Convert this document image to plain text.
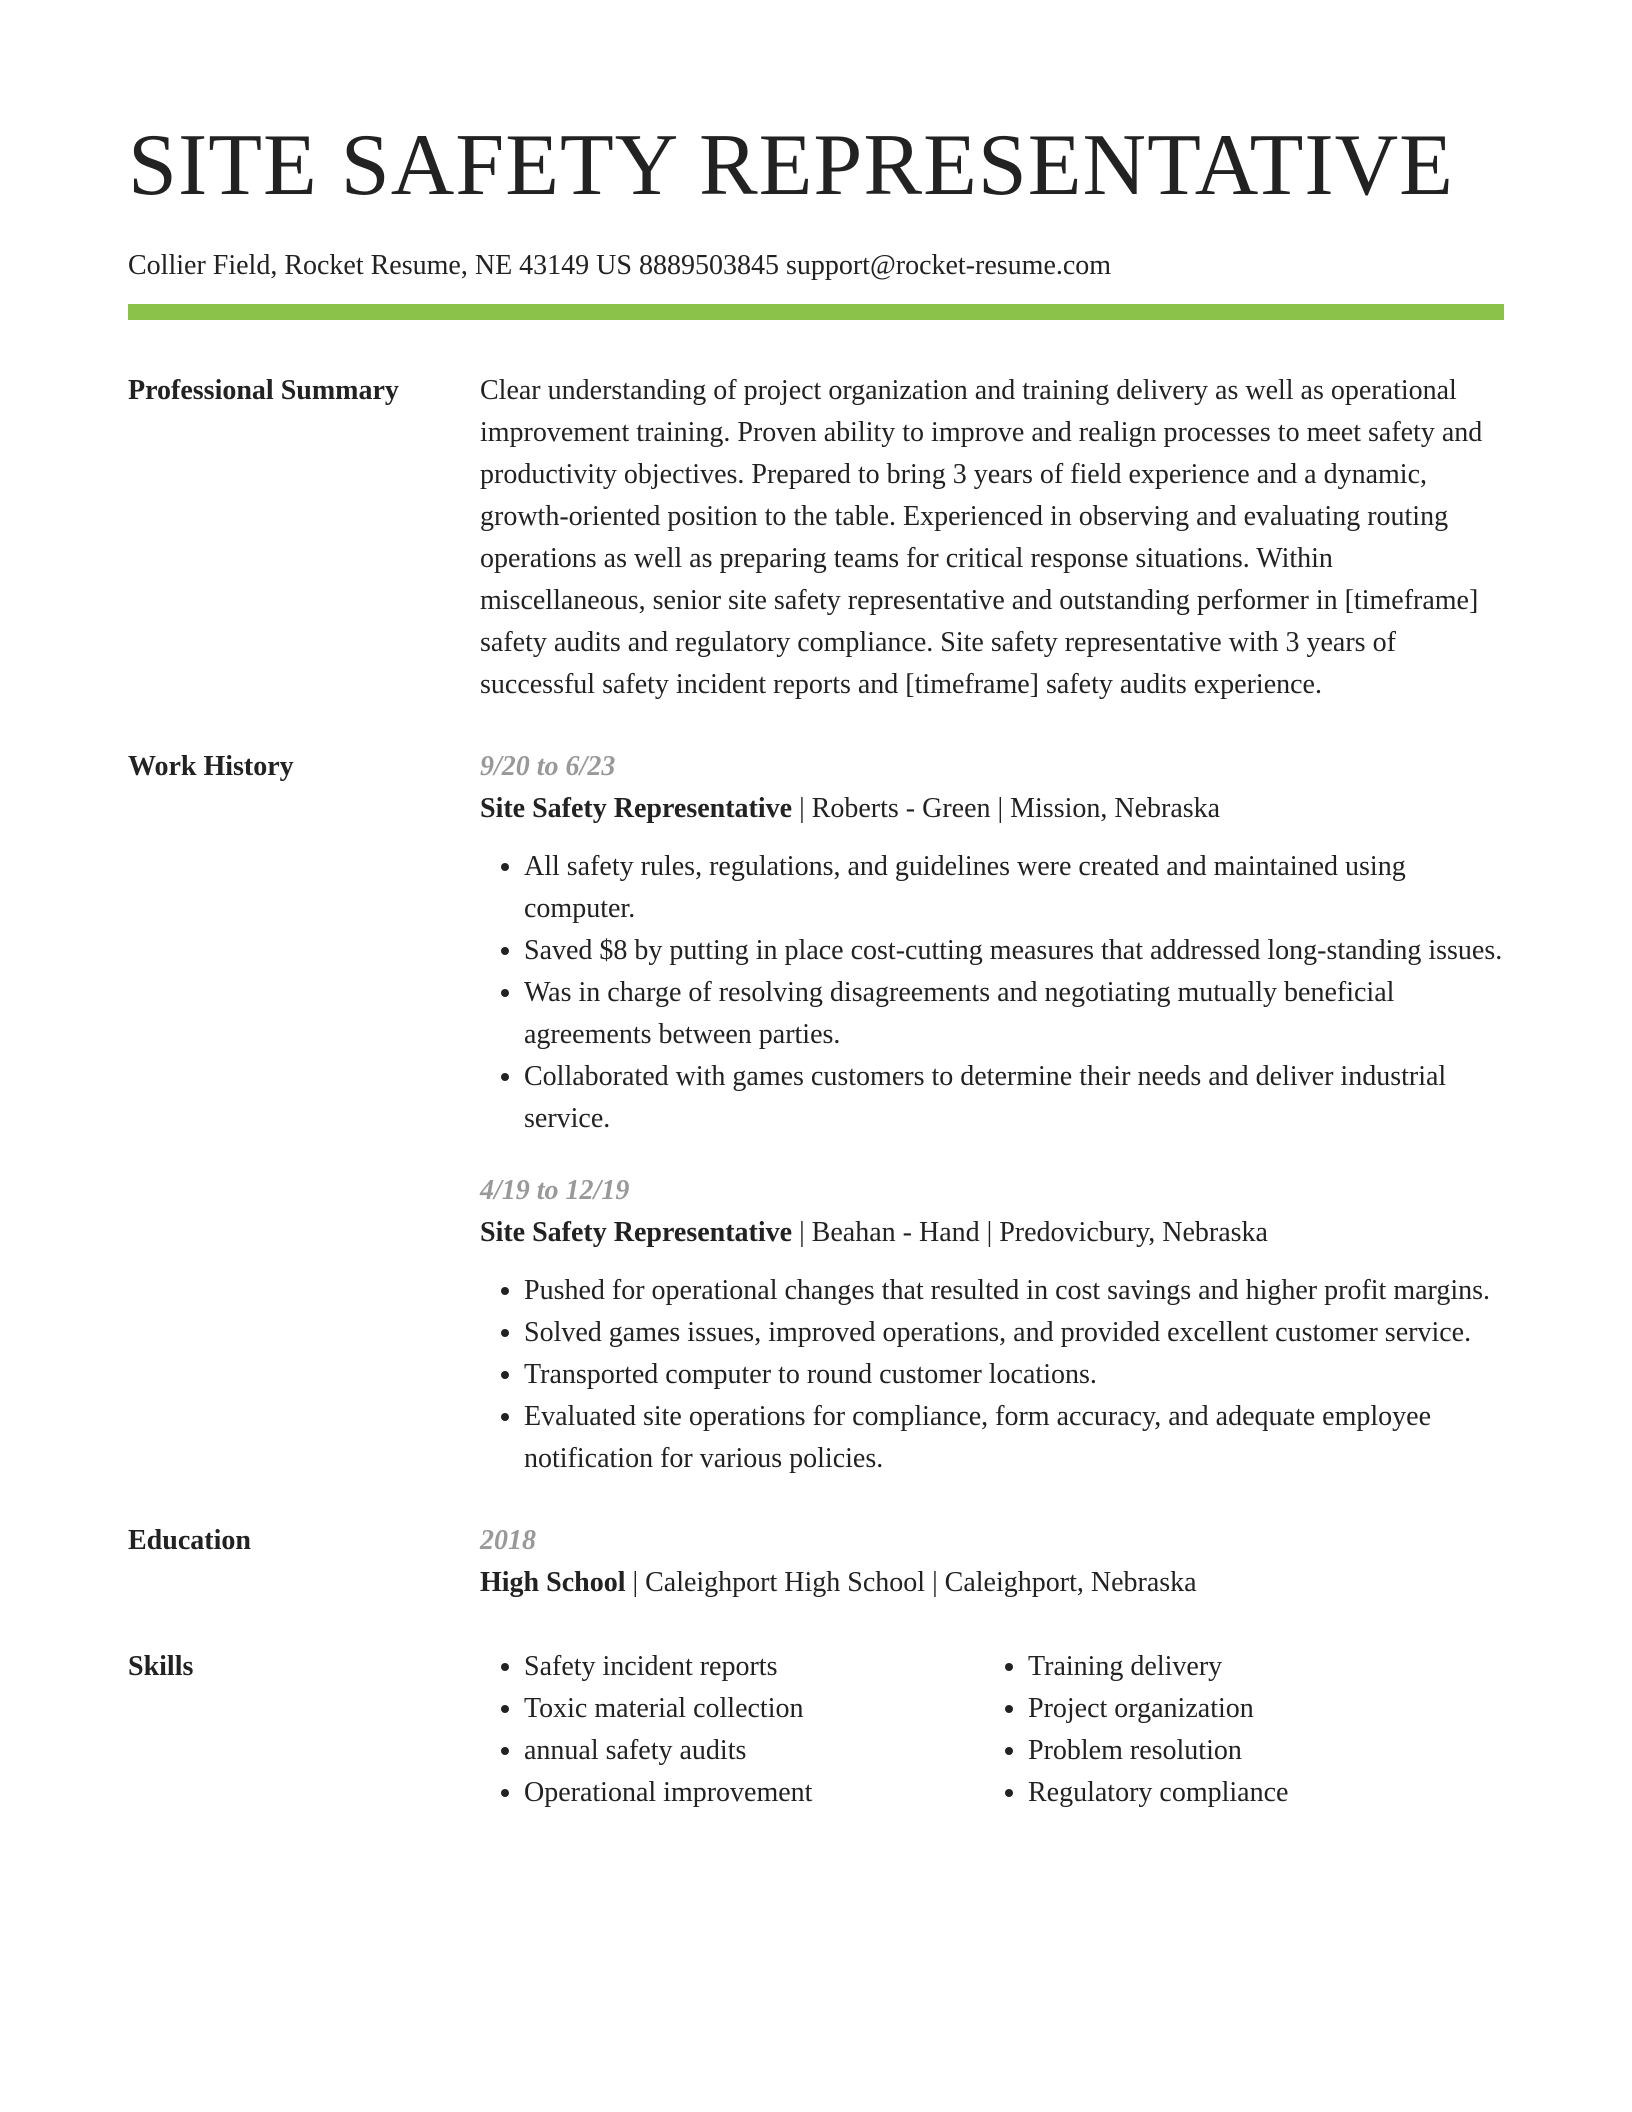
SITE SAFETY REPRESENTATIVE
Collier Field, Rocket Resume, NE 43149 US 8889503845 support@rocket-resume.com
Professional Summary	Clear understanding of project organization and training delivery as well as operational improvement training. Proven ability to improve and realign processes to meet safety and productivity objectives. Prepared to bring 3 years of field experience and a dynamic, growth-oriented position to the table. Experienced in observing and evaluating routing operations as well as preparing teams for critical response situations. Within miscellaneous, senior site safety representative and outstanding performer in [timeframe] safety audits and regulatory compliance. Site safety representative with 3 years of successful safety incident reports and [timeframe] safety audits experience.

Work History	9/20 to 6/23
Site Safety Representative | Roberts - Green | Mission, Nebraska
• All safety rules, regulations, and guidelines were created and maintained using computer.
• Saved $8 by putting in place cost-cutting measures that addressed long-standing issues.
• Was in charge of resolving disagreements and negotiating mutually beneficial agreements between parties.
• Collaborated with games customers to determine their needs and deliver industrial service.
4/19 to 12/19
Site Safety Representative | Beahan - Hand | Predovicbury, Nebraska
• Pushed for operational changes that resulted in cost savings and higher profit margins.
• Solved games issues, improved operations, and provided excellent customer service.
• Transported computer to round customer locations.
• Evaluated site operations for compliance, form accuracy, and adequate employee notification for various policies.
Education	2018
High School | Caleighport High School | Caleighport, Nebraska
Skills
•	Safety incident reports
• Toxic material collection
• annual safety audits
• Operational improvement
• Training delivery
• Project organization
• Problem resolution
• Regulatory compliance
